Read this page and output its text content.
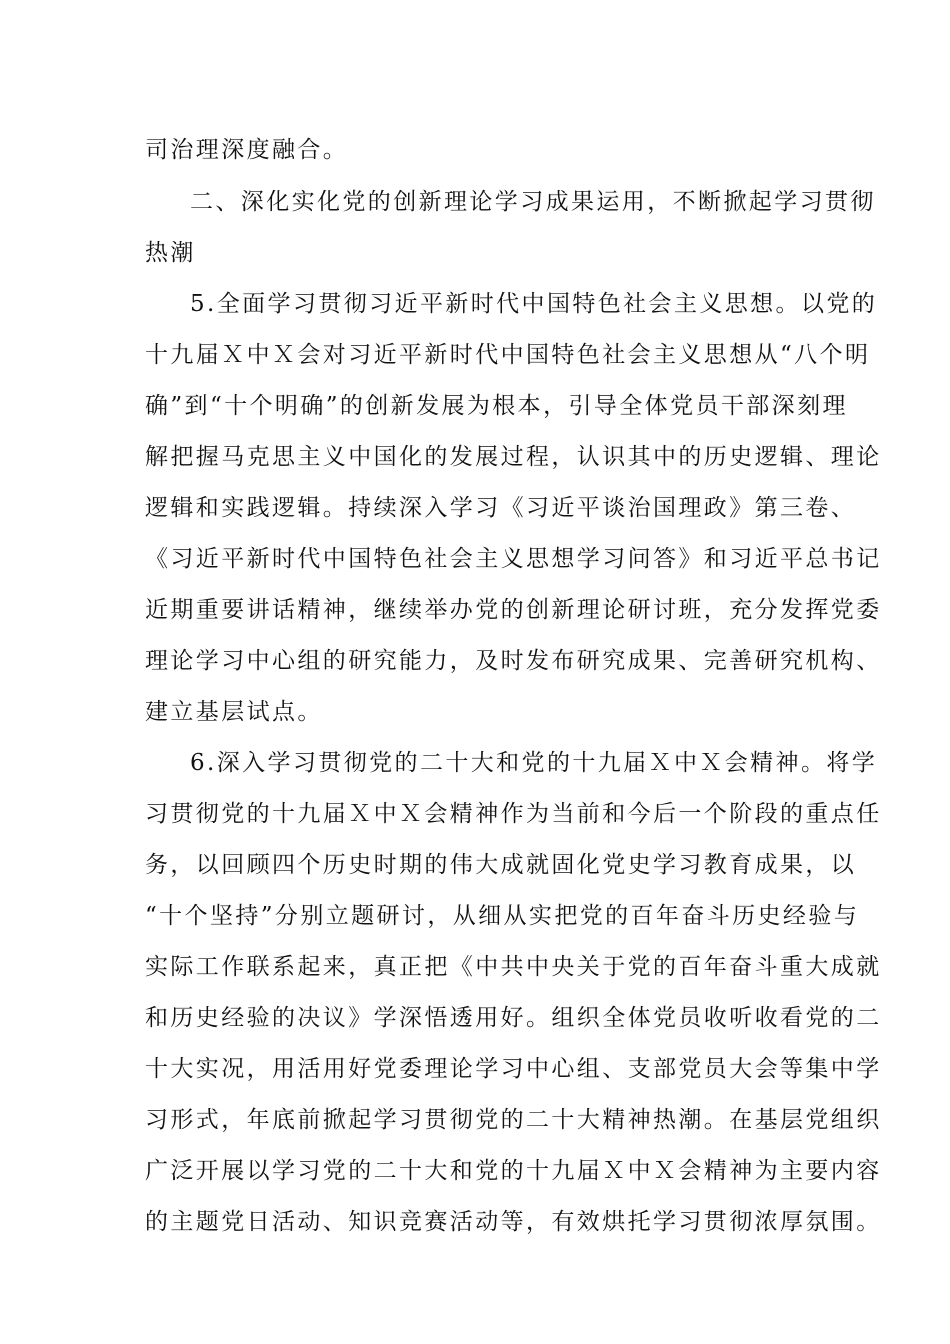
司治理深度融合。
二、深化实化党的创新理论学习成果运用，不断掀起学习贯彻
热潮
5.全面学习贯彻习近平新时代中国特色社会主义思想。以党的
十九届Ｘ中Ｘ会对习近平新时代中国特色社会主义思想从“八个明
确”到“十个明确”的创新发展为根本，引导全体党员干部深刻理
解把握马克思主义中国化的发展过程，认识其中的历史逻辑、理论
逻辑和实践逻辑。持续深入学习《习近平谈治国理政》第三卷、
《习近平新时代中国特色社会主义思想学习问答》和习近平总书记
近期重要讲话精神，继续举办党的创新理论研讨班，充分发挥党委
理论学习中心组的研究能力，及时发布研究成果、完善研究机构、
建立基层试点。
6.深入学习贯彻党的二十大和党的十九届Ｘ中Ｘ会精神。将学
习贯彻党的十九届Ｘ中Ｘ会精神作为当前和今后一个阶段的重点任
务，以回顾四个历史时期的伟大成就固化党史学习教育成果，以
“十个坚持”分别立题研讨，从细从实把党的百年奋斗历史经验与
实际工作联系起来，真正把《中共中央关于党的百年奋斗重大成就
和历史经验的决议》学深悟透用好。组织全体党员收听收看党的二
十大实况，用活用好党委理论学习中心组、支部党员大会等集中学
习形式，年底前掀起学习贯彻党的二十大精神热潮。在基层党组织
广泛开展以学习党的二十大和党的十九届Ｘ中Ｘ会精神为主要内容
的主题党日活动、知识竞赛活动等，有效烘托学习贯彻浓厚氛围。
